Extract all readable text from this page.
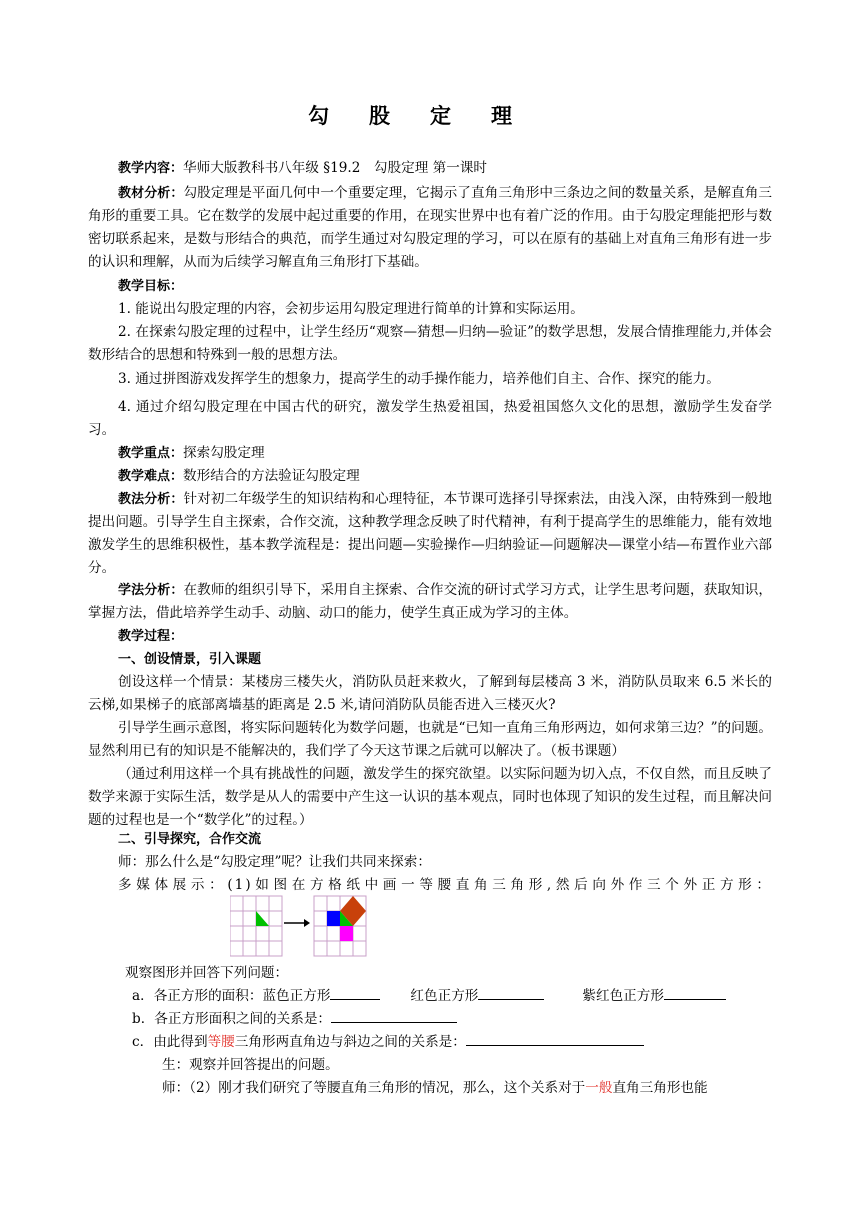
勾股定理

教学内容：华师大版教科书八年级 §19.2　勾股定理 第一课时

教材分析：勾股定理是平面几何中一个重要定理，它揭示了直角三角形中三条边之间的数量关系，是解直角三角形的重要工具。它在数学的发展中起过重要的作用，在现实世界中也有着广泛的作用。由于勾股定理能把形与数密切联系起来，是数与形结合的典范，而学生通过对勾股定理的学习，可以在原有的基础上对直角三角形有进一步的认识和理解，从而为后续学习解直角三角形打下基础。

教学目标：

1. 能说出勾股定理的内容，会初步运用勾股定理进行简单的计算和实际运用。

2. 在探索勾股定理的过程中，让学生经历“观察—猜想—归纳—验证”的数学思想，发展合情推理能力,并体会数形结合的思想和特殊到一般的思想方法。

3. 通过拼图游戏发挥学生的想象力，提高学生的动手操作能力，培养他们自主、合作、探究的能力。

4. 通过介绍勾股定理在中国古代的研究，激发学生热爱祖国，热爱祖国悠久文化的思想，激励学生发奋学习。

教学重点：探索勾股定理

教学难点：数形结合的方法验证勾股定理

教法分析：针对初二年级学生的知识结构和心理特征，本节课可选择引导探索法，由浅入深，由特殊到一般地提出问题。引导学生自主探索，合作交流，这种教学理念反映了时代精神，有利于提高学生的思维能力，能有效地激发学生的思维积极性，基本教学流程是：提出问题—实验操作—归纳验证—问题解决—课堂小结—布置作业六部分。

学法分析：在教师的组织引导下，采用自主探索、合作交流的研讨式学习方式，让学生思考问题，获取知识，掌握方法，借此培养学生动手、动脑、动口的能力，使学生真正成为学习的主体。

教学过程：

一、创设情景，引入课题

创设这样一个情景：某楼房三楼失火，消防队员赶来救火，了解到每层楼高 3 米，消防队员取来 6.5 米长的云梯,如果梯子的底部离墙基的距离是 2.5 米,请问消防队员能否进入三楼灭火?

引导学生画示意图，将实际问题转化为数学问题，也就是“已知一直角三角形两边，如何求第三边？”的问题。显然利用已有的知识是不能解决的，我们学了今天这节课之后就可以解决了。（板书课题）

（通过利用这样一个具有挑战性的问题，激发学生的探究欲望。以实际问题为切入点，不仅自然，而且反映了数学来源于实际生活，数学是从人的需要中产生这一认识的基本观点，同时也体现了知识的发生过程，而且解决问题的过程也是一个“数学化”的过程。）

二、引导探究，合作交流

师：那么什么是“勾股定理”呢？让我们共同来探索：

多媒体展示：(1)如图在方格纸中画一等腰直角三角形,然后向外作三个外正方形：

观察图形并回答下列问题：

a．各正方形的面积：蓝色正方形	红色正方形	紫红色正方形

b．各正方形面积之间的关系是：

c．由此得到等腰三角形两直角边与斜边之间的关系是：

生：观察并回答提出的问题。

师：（2）刚才我们研究了等腰直角三角形的情况，那么，这个关系对于一般直角三角形也能
